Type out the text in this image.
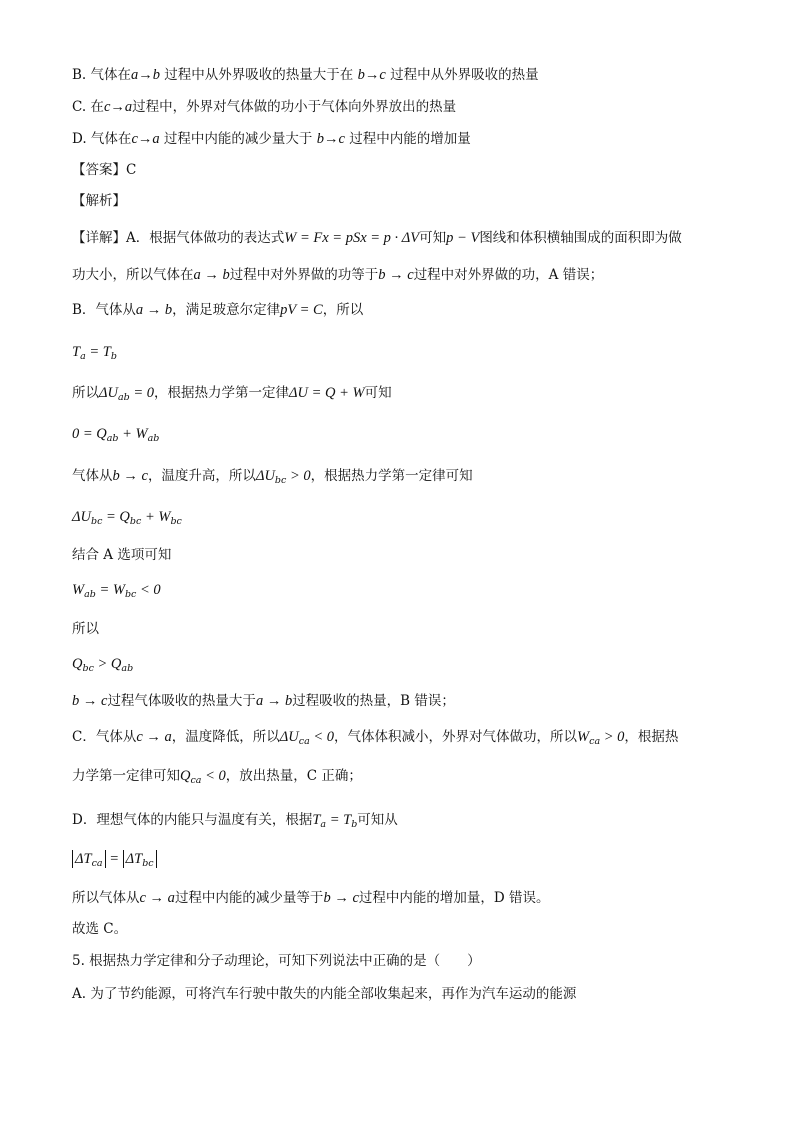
B. 气体在a→b 过程中从外界吸收的热量大于在 b→c 过程中从外界吸收的热量
C. 在c→a过程中，外界对气体做的功小于气体向外界放出的热量
D. 气体在c→a 过程中内能的减少量大于 b→c 过程中内能的增加量
【答案】C
【解析】
【详解】A．根据气体做功的表达式W = Fx = pSx = p · ΔV可知p − V图线和体积横轴围成的面积即为做
功大小，所以气体在a → b过程中对外界做的功等于b → c过程中对外界做的功，A 错误；
B．气体从a → b，满足玻意尔定律pV = C，所以
$T_a = T_b$
所以$\Delta U_{ab} = 0$，根据热力学第一定律ΔU = Q + W可知
$0 = Q_{ab} + W_{ab}$
气体从b → c，温度升高，所以$\Delta U_{bc} > 0$，根据热力学第一定律可知
$\Delta U_{bc} = Q_{bc} + W_{bc}$
结合 A 选项可知
$W_{ab} = W_{bc} < 0$
所以
$Q_{bc} > Q_{ab}$
b → c过程气体吸收的热量大于a → b过程吸收的热量，B 错误；
C．气体从c → a，温度降低，所以$\Delta U_{ca} < 0$，气体体积减小，外界对气体做功，所以$W_{ca} > 0$，根据热
力学第一定律可知$Q_{ca} < 0$，放出热量，C 正确；
D．理想气体的内能只与温度有关，根据$T_a = T_b$可知从
$\Delta T_{ca} = \Delta T_{bc}$
所以气体从c → a过程中内能的减少量等于b → c过程中内能的增加量，D 错误。
故选 C。
5. 根据热力学定律和分子动理论，可知下列说法中正确的是（　　）
A. 为了节约能源，可将汽车行驶中散失的内能全部收集起来，再作为汽车运动的能源
